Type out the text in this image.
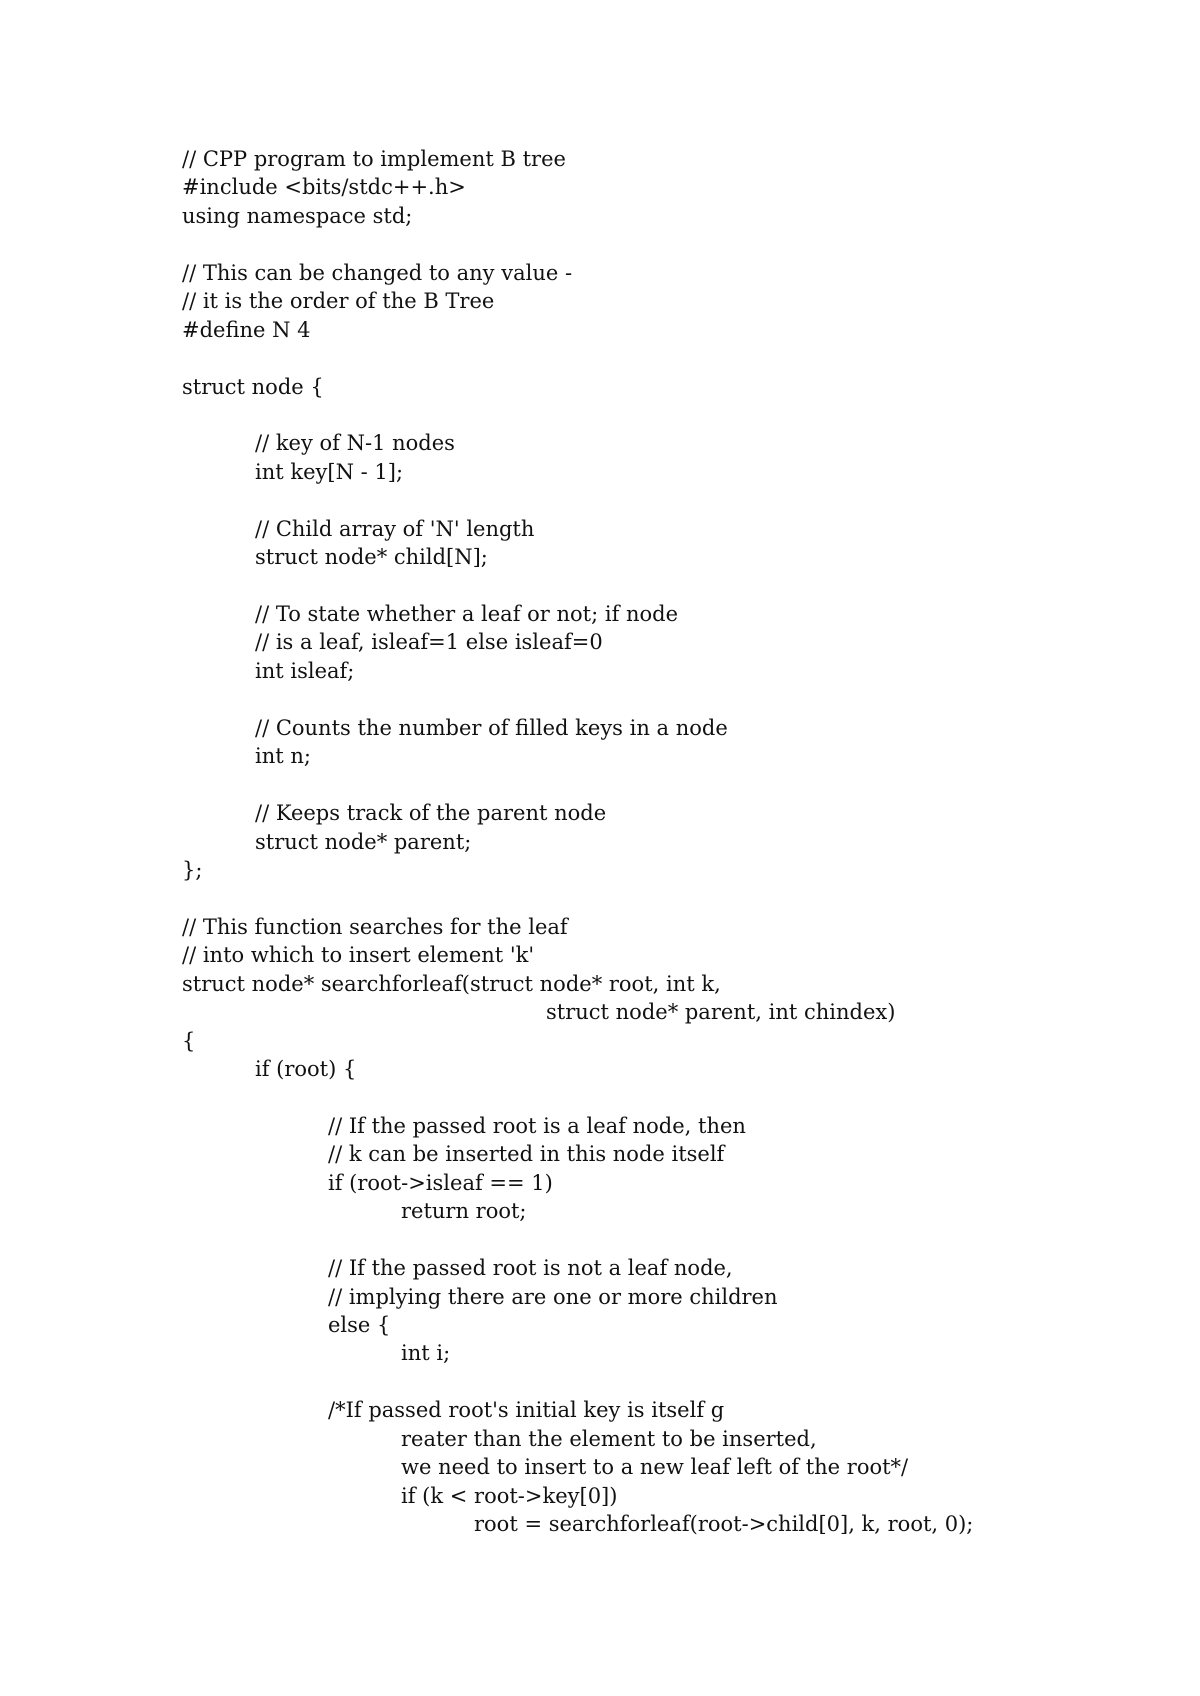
// CPP program to implement B tree
#include <bits/stdc++.h>
using namespace std;
// This can be changed to any value -
// it is the order of the B Tree
#define N 4
struct node {
// key of N-1 nodes
int key[N - 1];
// Child array of 'N' length
struct node* child[N];
// To state whether a leaf or not; if node
// is a leaf, isleaf=1 else isleaf=0
int isleaf;
// Counts the number of filled keys in a node
int n;
// Keeps track of the parent node
struct node* parent;
};
// This function searches for the leaf
// into which to insert element 'k'
struct node* searchforleaf(struct node* root, int k,
struct node* parent, int chindex)
{
if (root) {
// If the passed root is a leaf node, then
// k can be inserted in this node itself
if (root->isleaf == 1)
return root;
// If the passed root is not a leaf node,
// implying there are one or more children
else {
int i;
/*If passed root's initial key is itself g
reater than the element to be inserted,
we need to insert to a new leaf left of the root*/
if (k < root->key[0])
root = searchforleaf(root->child[0], k, root, 0);
